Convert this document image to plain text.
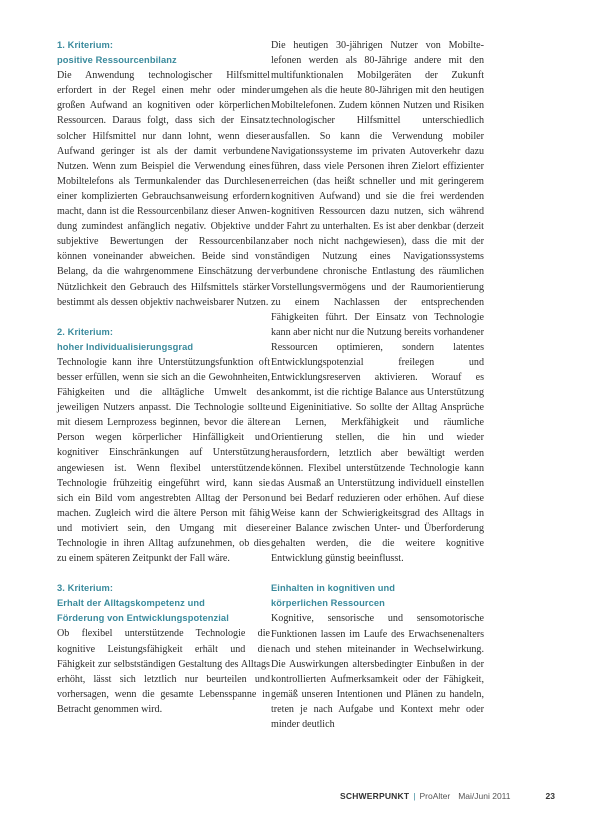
1. Kriterium:
positive Ressourcenbilanz

Die Anwendung technologischer Hilfsmittel erfordert in der Regel einen mehr oder minder großen Aufwand an kognitiven oder körperlichen Ressourcen. Daraus folgt, dass sich der Einsatz solcher Hilfsmittel nur dann lohnt, wenn dieser Aufwand geringer ist als der damit verbundene Nutzen. Wenn zum Beispiel die Verwendung eines Mobiltelefons als Termunkalender das Durchlesen einer komplizierten Gebrauchsanweisung erfordern macht, dann ist die Ressourcenbilanz dieser Anwendung zumindest anfänglich negativ. Objektive und subjektive Bewertungen der Ressourcenbilanz können voneinander abweichen. Beide sind von Belang, da die wahrgenommene Einschätzung der Nützlichkeit den Gebrauch des Hilfsmittels stärker bestimmt als dessen objektiv nachweisbarer Nutzen.

2. Kriterium:
hoher Individualisierungsgrad

Technologie kann ihre Unterstützungsfunktion oft besser erfüllen, wenn sie sich an die Gewohnheiten, Fähigkeiten und die alltägliche Umwelt des jeweiligen Nutzers anpasst. Die Technologie sollte mit diesem Lernprozess beginnen, bevor die ältere Person wegen körperlicher Hinfälligkeit und kognitiver Einschränkungen auf Unterstützung angewiesen ist. Wenn flexibel unterstützende Technologie frühzeitig eingeführt wird, kann sie sich ein Bild vom angestrebten Alltag der Person machen. Zugleich wird die ältere Person mit fähig und motiviert sein, den Umgang mit dieser Technologie in ihren Alltag aufzunehmen, ob dies zu einem späteren Zeitpunkt der Fall wäre.

3. Kriterium:
Erhalt der Alltagskompetenz und
Förderung von Entwicklungspotenzial

Ob flexibel unterstützende Technologie die kognitive Leistungsfähigkeit erhält und die Fähigkeit zur selbstständigen Gestaltung des Alltags erhöht, lässt sich letztlich nur beurteilen und vorhersagen, wenn die gesamte Lebensspanne in Betracht genommen wird.

Die heutigen 30-jährigen Nutzer von Mobiltelefonen werden als 80-Jährige andere mit den multifunktionalen Mobilgeräten der Zukunft umgehen als die heute 80-Jährigen mit den heutigen Mobiltelefonen. Zudem können Nutzen und Risiken technologischer Hilfsmittel unterschiedlich ausfallen. So kann die Verwendung mobiler Navigationssysteme im privaten Autoverkehr dazu führen, dass viele Personen ihren Zielort effizienter erreichen (das heißt schneller und mit geringerem kognitiven Aufwand) und sie die frei werdenden kognitiven Ressourcen dazu nutzen, sich während der Fahrt zu unterhalten. Es ist aber denkbar (derzeit aber noch nicht nachgewiesen), dass die mit der ständigen Nutzung eines Navigationssystems verbundene chronische Entlastung des räumlichen Vorstellungsvermögens und der Raumorientierung zu einem Nachlassen der entsprechenden Fähigkeiten führt. Der Einsatz von Technologie kann aber nicht nur die Nutzung bereits vorhandener Ressourcen optimieren, sondern latentes Entwicklungspotenzial freilegen und Entwicklungsreserven aktivieren. Worauf es ankommt, ist die richtige Balance aus Unterstützung und Eigeninitiative. So sollte der Alltag Ansprüche an Lernen, Merkfähigkeit und räumliche Orientierung stellen, die hin und wieder herausfordern, letztlich aber bewältigt werden können. Flexibel unterstützende Technologie kann das Ausmaß an Unterstützung individuell einstellen und bei Bedarf reduzieren oder erhöhen. Auf diese Weise kann der Schwierigkeitsgrad des Alltags in einer Balance zwischen Unter- und Überforderung gehalten werden, die die weitere kognitive Entwicklung günstig beeinflusst.

Einhalten in kognitiven und
körperlichen Ressourcen

Kognitive, sensorische und sensomotorische Funktionen lassen im Laufe des Erwachsenenalters nach und stehen miteinander in Wechselwirkung. Die Auswirkungen altersbedingter Einbußen in der kontrollierten Aufmerksamkeit oder der Fähigkeit, gemäß unseren Intentionen und Plänen zu handeln, treten je nach Aufgabe und Kontext mehr oder minder deutlich

SCHWERPUNKT | ProAlter Mai/Juni 2011	23
